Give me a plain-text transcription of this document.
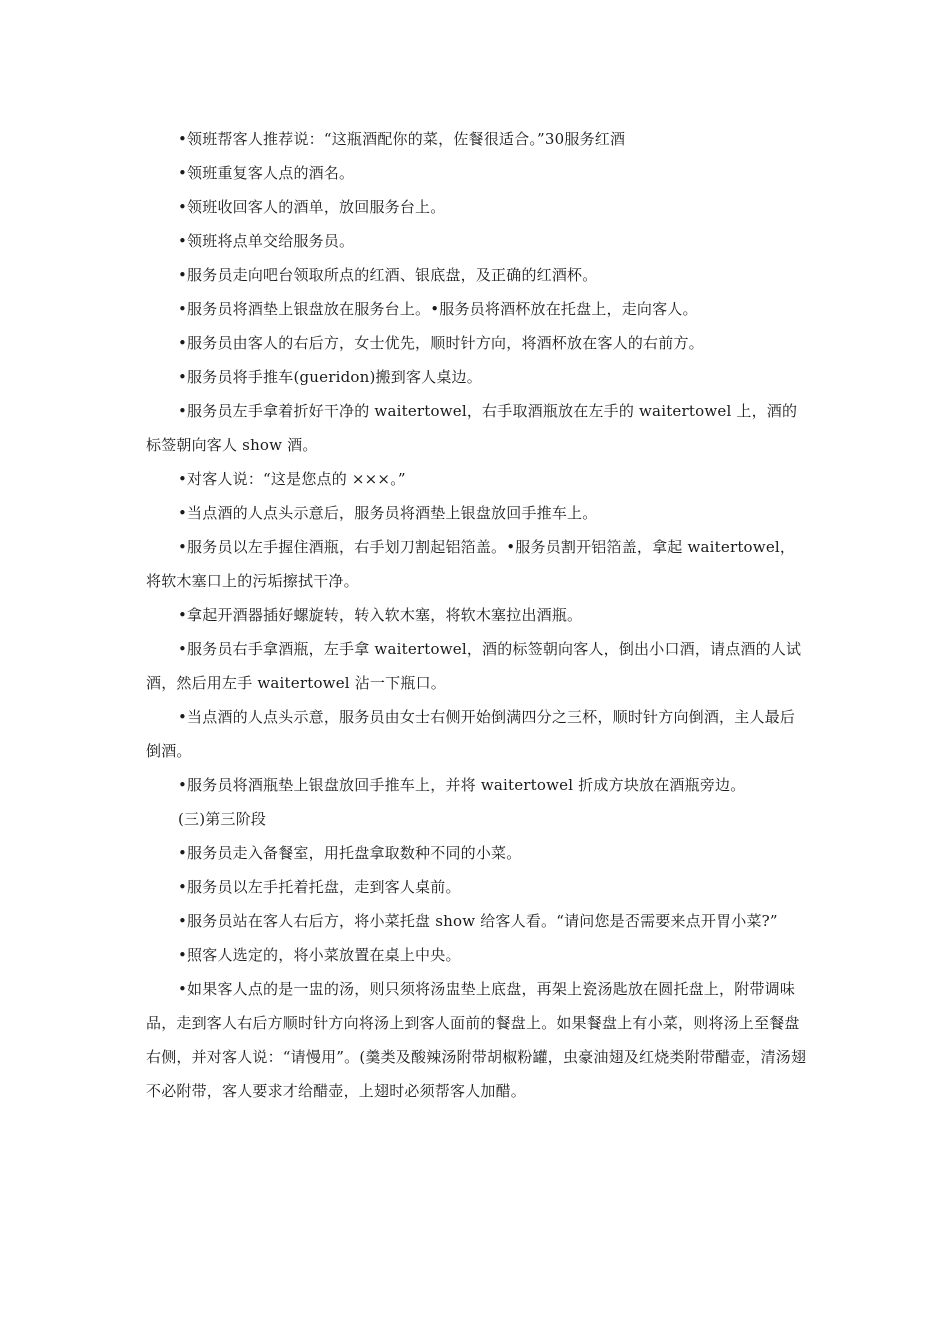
•领班帮客人推荐说：“这瓶酒配你的菜，佐餐很适合。”30服务红酒

•领班重复客人点的酒名。

•领班收回客人的酒单，放回服务台上。

•领班将点单交给服务员。

•服务员走向吧台领取所点的红酒、银底盘，及正确的红酒杯。

•服务员将酒垫上银盘放在服务台上。•服务员将酒杯放在托盘上，走向客人。

•服务员由客人的右后方，女士优先，顺时针方向，将酒杯放在客人的右前方。

•服务员将手推车(gueridon)搬到客人桌边。

•服务员左手拿着折好干净的 waitertowel，右手取酒瓶放在左手的 waitertowel 上，酒的标签朝向客人 show 酒。

•对客人说：“这是您点的 ×××。”

•当点酒的人点头示意后，服务员将酒垫上银盘放回手推车上。

•服务员以左手握住酒瓶，右手划刀割起铝箔盖。•服务员割开铝箔盖，拿起 waitertowel，将软木塞口上的污垢擦拭干净。

•拿起开酒器插好螺旋转，转入软木塞，将软木塞拉出酒瓶。

•服务员右手拿酒瓶，左手拿 waitertowel，酒的标签朝向客人，倒出小口酒，请点酒的人试酒，然后用左手 waitertowel 沾一下瓶口。

•当点酒的人点头示意，服务员由女士右侧开始倒满四分之三杯，顺时针方向倒酒，主人最后倒酒。

•服务员将酒瓶垫上银盘放回手推车上，并将 waitertowel 折成方块放在酒瓶旁边。

(三)第三阶段

•服务员走入备餐室，用托盘拿取数种不同的小菜。

•服务员以左手托着托盘，走到客人桌前。

•服务员站在客人右后方，将小菜托盘 show 给客人看。“请问您是否需要来点开胃小菜?”

•照客人选定的，将小菜放置在桌上中央。

•如果客人点的是一盅的汤，则只须将汤盅垫上底盘，再架上瓷汤匙放在圆托盘上，附带调味品，走到客人右后方顺时针方向将汤上到客人面前的餐盘上。如果餐盘上有小菜，则将汤上至餐盘右侧，并对客人说：“请慢用”。(羹类及酸辣汤附带胡椒粉罐，虫豪油翅及红烧类附带醋壶，清汤翅不必附带，客人要求才给醋壶，上翅时必须帮客人加醋。
